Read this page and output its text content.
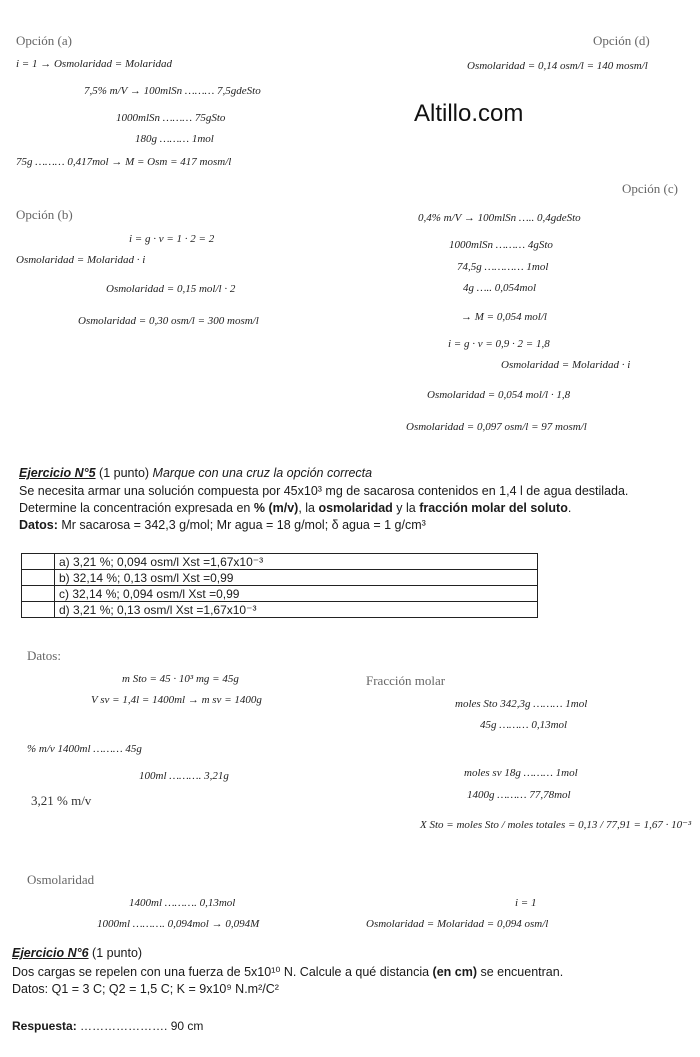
Opción (a)	Opción (d)
Altillo.com
Opción (c)
Opción (b)
i = 1 → Osmolaridad = Molaridad
7,5% m/V → 100mlSn ……… 7,5gdeSto
1000mlSn ……… 75gSto
180g ……… 1mol
75g ……… 0,417mol → M = Osm = 417 mosm/l
Osmolaridad = 0,14 osm/l = 140 mosm/l
i = g · v = 1 · 2 = 2
Osmolaridad = Molaridad · i
Osmolaridad = 0,15 mol/l · 2
Osmolaridad = 0,30 osm/l = 300 mosm/l
0,4% m/V → 100mlSn ….. 0,4gdeSto
1000mlSn ……… 4gSto
74,5g ………… 1mol
4g ….. 0,054mol
→ M = 0,054 mol/l
i = g · v = 0,9 · 2 = 1,8
Osmolaridad = Molaridad · i
Osmolaridad = 0,054 mol/l · 1,8
Osmolaridad = 0,097 osm/l = 97 mosm/l
Ejercicio N°5 (1 punto) Marque con una cruz la opción correcta
Se necesita armar una solución compuesta por 45x10³ mg de sacarosa contenidos en 1,4 l de agua destilada.
Determine la concentración expresada en % (m/v), la osmolaridad y la fracción molar del soluto.
Datos: Mr sacarosa = 342,3 g/mol; Mr agua = 18 g/mol; δ agua = 1 g/cm³
	a) 3,21 %; 0,094 osm/l Xst =1,67x10⁻³
	b) 32,14 %; 0,13 osm/l Xst =0,99
	c) 32,14 %; 0,094 osm/l Xst =0,99
	d) 3,21 %; 0,13 osm/l Xst =1,67x10⁻³
Datos:
m Sto = 45 · 10³ mg = 45g
V sv = 1,4l = 1400ml → m sv = 1400g
% m/v 1400ml ……… 45g
100ml ………. 3,21g
3,21 % m/v
Fracción molar
moles Sto 342,3g ……… 1mol
45g ……… 0,13mol
moles sv 18g ……… 1mol
1400g ……… 77,78mol
X Sto = moles Sto / moles totales = 0,13 / 77,91 = 1,67 · 10⁻³
Osmolaridad
1400ml ………. 0,13mol
1000ml ………. 0,094mol → 0,094M
i = 1
Osmolaridad = Molaridad = 0,094 osm/l
Ejercicio N°6 (1 punto)
Dos cargas se repelen con una fuerza de 5x10¹⁰ N. Calcule a qué distancia (en cm) se encuentran.
Datos: Q1 = 3 C; Q2 = 1,5 C; K = 9x10⁹ N.m²/C²
Respuesta: …………………. 90 cm
